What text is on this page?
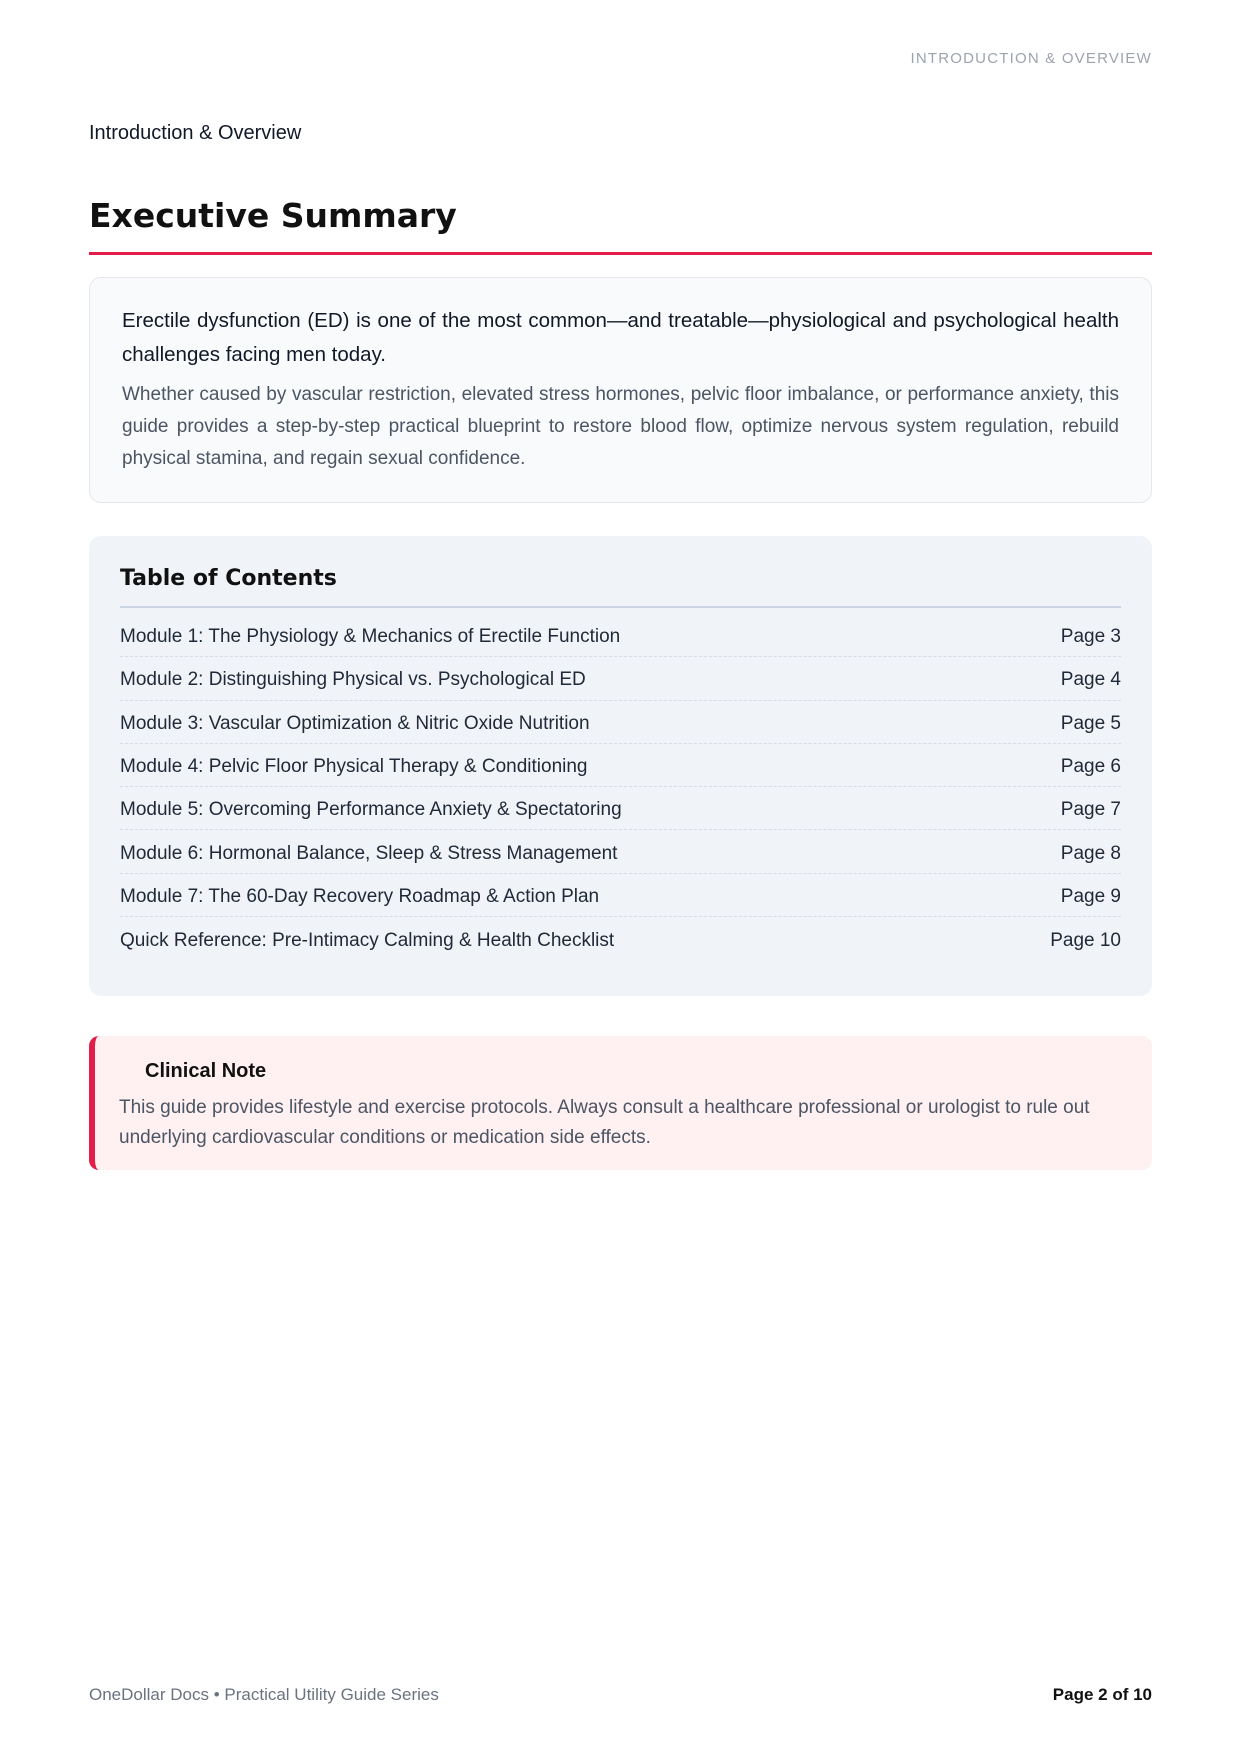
INTRODUCTION & OVERVIEW
Introduction & Overview
Executive Summary

Erectile dysfunction (ED) is one of the most common—and treatable—physiological and psychological health challenges facing men today.

Whether caused by vascular restriction, elevated stress hormones, pelvic floor imbalance, or performance anxiety, this guide provides a step-by-step practical blueprint to restore blood flow, optimize nervous system regulation, rebuild physical stamina, and regain sexual confidence.

Table of Contents
Module 1: The Physiology & Mechanics of Erectile Function	Page 3
Module 2: Distinguishing Physical vs. Psychological ED	Page 4
Module 3: Vascular Optimization & Nitric Oxide Nutrition	Page 5
Module 4: Pelvic Floor Physical Therapy & Conditioning	Page 6
Module 5: Overcoming Performance Anxiety & Spectatoring	Page 7
Module 6: Hormonal Balance, Sleep & Stress Management	Page 8
Module 7: The 60-Day Recovery Roadmap & Action Plan	Page 9
Quick Reference: Pre-Intimacy Calming & Health Checklist	Page 10
Clinical Note

This guide provides lifestyle and exercise protocols. Always consult a healthcare professional or urologist to rule out underlying cardiovascular conditions or medication side effects.

OneDollar Docs • Practical Utility Guide Series	Page 2 of 10
